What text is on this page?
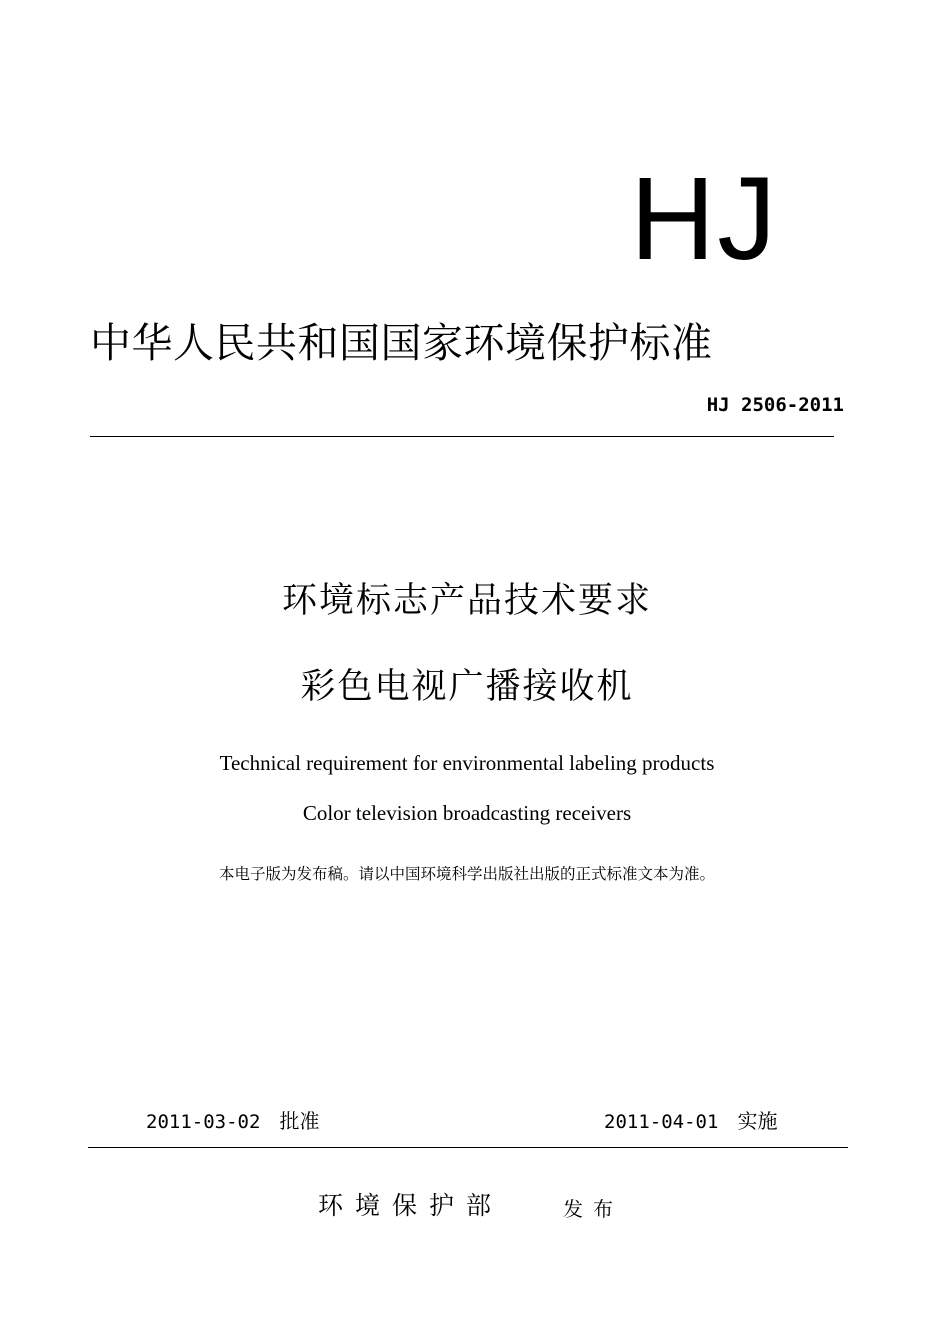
HJ
中华人民共和国国家环境保护标准
HJ 2506-2011
环境标志产品技术要求
彩色电视广播接收机
Technical requirement for environmental labeling products
Color television broadcasting receivers
本电子版为发布稿。请以中国环境科学出版社出版的正式标准文本为准。
2011-03-02 批准	2011-04-01 实施
环境保护部	发布
